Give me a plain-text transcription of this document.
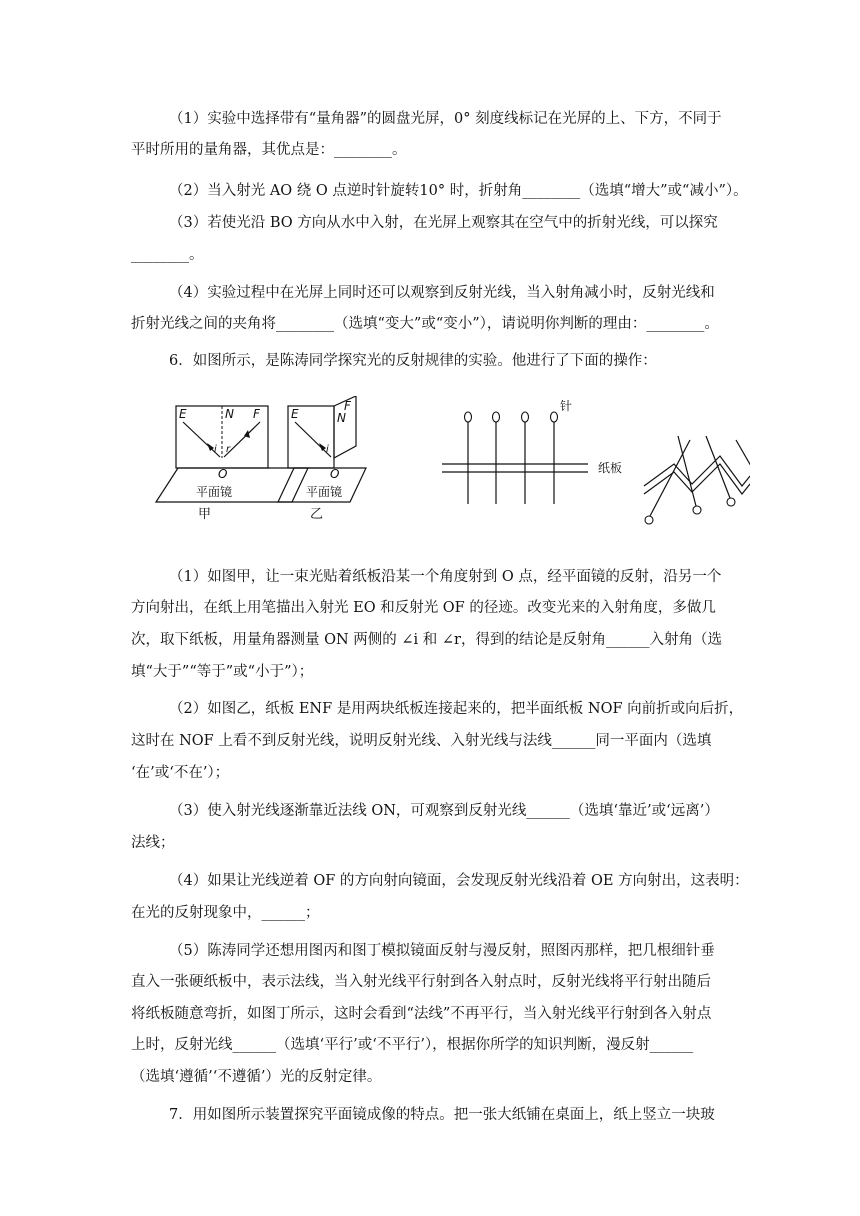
（1）实验中选择带有“量角器”的圆盘光屏，0° 刻度线标记在光屏的上、下方，不同于

平时所用的量角器，其优点是：________。

（2）当入射光 AO 绕 O 点逆时针旋转10° 时，折射角________（选填“增大”或“减小”）。

（3）若使光沿 BO 方向从水中入射，在光屏上观察其在空气中的折射光线，可以探究

________。

（4）实验过程中在光屏上同时还可以观察到反射光线，当入射角减小时，反射光线和

折射光线之间的夹角将________（选填“变大”或“变小”），请说明你判断的理由：________。

6．如图所示，是陈涛同学探究光的反射规律的实验。他进行了下面的操作：

E	N F
i r
O
平面镜
甲
E	N
F
i
O
平面镜
乙
针
纸板

（1）如图甲，让一束光贴着纸板沿某一个角度射到 O 点，经平面镜的反射，沿另一个

方向射出，在纸上用笔描出入射光 EO 和反射光 OF 的径迹。改变光来的入射角度，多做几

次，取下纸板，用量角器测量 ON 两侧的 ∠i 和 ∠r，得到的结论是反射角______入射角（选

填“大于”“等于”或“小于”）；

（2）如图乙，纸板 ENF 是用两块纸板连接起来的，把半面纸板 NOF 向前折或向后折，

这时在 NOF 上看不到反射光线，说明反射光线、入射光线与法线______同一平面内（选填

‘在’或‘不在’）；

（3）使入射光线逐渐靠近法线 ON，可观察到反射光线______（选填‘靠近’或‘远离’）

法线；

（4）如果让光线逆着 OF 的方向射向镜面，会发现反射光线沿着 OE 方向射出，这表明：

在光的反射现象中，______；

（5）陈涛同学还想用图丙和图丁模拟镜面反射与漫反射，照图丙那样，把几根细针垂

直入一张硬纸板中，表示法线，当入射光线平行射到各入射点时，反射光线将平行射出随后

将纸板随意弯折，如图丁所示，这时会看到“法线”不再平行，当入射光线平行射到各入射点

上时，反射光线______（选填‘平行’或‘不平行’），根据你所学的知识判断，漫反射______

（选填‘遵循’‘不遵循’）光的反射定律。

7．用如图所示装置探究平面镜成像的特点。把一张大纸铺在桌面上，纸上竖立一块玻
